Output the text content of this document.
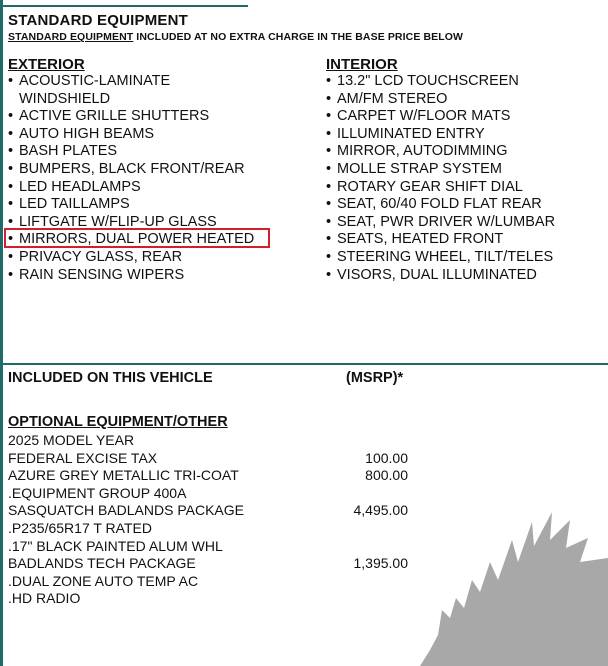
STANDARD EQUIPMENT
STANDARD EQUIPMENT INCLUDED AT NO EXTRA CHARGE IN THE BASE PRICE BELOW
EXTERIOR
• ACOUSTIC-LAMINATE
WINDSHIELD
• ACTIVE GRILLE SHUTTERS
• AUTO HIGH BEAMS
• BASH PLATES
• BUMPERS, BLACK FRONT/REAR
• LED HEADLAMPS
• LED TAILLAMPS
• LIFTGATE W/FLIP-UP GLASS
• MIRRORS, DUAL POWER HEATED
• PRIVACY GLASS, REAR
• RAIN SENSING WIPERS
INTERIOR
• 13.2" LCD TOUCHSCREEN
• AM/FM STEREO
• CARPET W/FLOOR MATS
• ILLUMINATED ENTRY
• MIRROR, AUTODIMMING
• MOLLE STRAP SYSTEM
• ROTARY GEAR SHIFT DIAL
• SEAT, 60/40 FOLD FLAT REAR
• SEAT, PWR DRIVER W/LUMBAR
• SEATS, HEATED FRONT
• STEERING WHEEL, TILT/TELES
• VISORS, DUAL ILLUMINATED
INCLUDED ON THIS VEHICLE	(MSRP)*
OPTIONAL EQUIPMENT/OTHER
2025 MODEL YEAR
FEDERAL EXCISE TAX	100.00
AZURE GREY METALLIC TRI-COAT	800.00
.EQUIPMENT GROUP 400A
SASQUATCH BADLANDS PACKAGE	4,495.00
.P235/65R17 T RATED
.17" BLACK PAINTED ALUM WHL
BADLANDS TECH PACKAGE	1,395.00
.DUAL ZONE AUTO TEMP AC
.HD RADIO
